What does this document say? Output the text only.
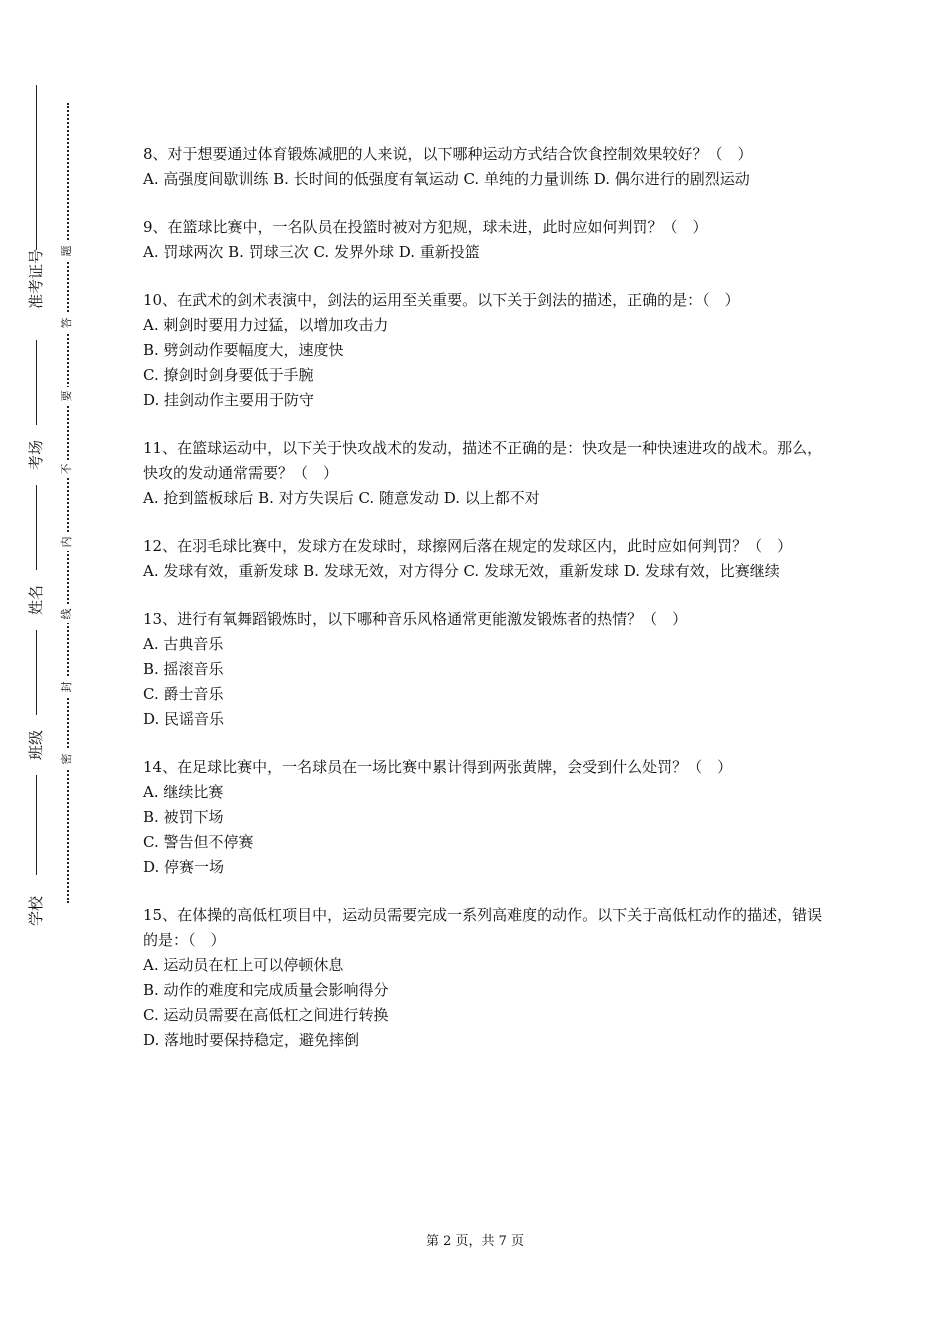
准考证号
考场
姓名
班级
学校
题
答
要
不
内
线
封
密

8、对于想要通过体育锻炼减肥的人来说，以下哪种运动方式结合饮食控制效果较好？（　）

A. 高强度间歇训练 B. 长时间的低强度有氧运动 C. 单纯的力量训练 D. 偶尔进行的剧烈运动

9、在篮球比赛中，一名队员在投篮时被对方犯规，球未进，此时应如何判罚？（　）

A. 罚球两次 B. 罚球三次 C. 发界外球 D. 重新投篮

10、在武术的剑术表演中，剑法的运用至关重要。以下关于剑法的描述，正确的是：（　）

A. 刺剑时要用力过猛，以增加攻击力

B. 劈剑动作要幅度大，速度快

C. 撩剑时剑身要低于手腕

D. 挂剑动作主要用于防守

11、在篮球运动中，以下关于快攻战术的发动，描述不正确的是：快攻是一种快速进攻的战术。那么，快攻的发动通常需要？（　）

A. 抢到篮板球后 B. 对方失误后 C. 随意发动 D. 以上都不对

12、在羽毛球比赛中，发球方在发球时，球擦网后落在规定的发球区内，此时应如何判罚？（　）

A. 发球有效，重新发球 B. 发球无效，对方得分 C. 发球无效，重新发球 D. 发球有效，比赛继续

13、进行有氧舞蹈锻炼时，以下哪种音乐风格通常更能激发锻炼者的热情？（　）

A. 古典音乐

B. 摇滚音乐

C. 爵士音乐

D. 民谣音乐

14、在足球比赛中，一名球员在一场比赛中累计得到两张黄牌，会受到什么处罚？（　）

A. 继续比赛

B. 被罚下场

C. 警告但不停赛

D. 停赛一场

15、在体操的高低杠项目中，运动员需要完成一系列高难度的动作。以下关于高低杠动作的描述，错误的是：（　）

A. 运动员在杠上可以停顿休息

B. 动作的难度和完成质量会影响得分

C. 运动员需要在高低杠之间进行转换

D. 落地时要保持稳定，避免摔倒

第 2 页，共 7 页
